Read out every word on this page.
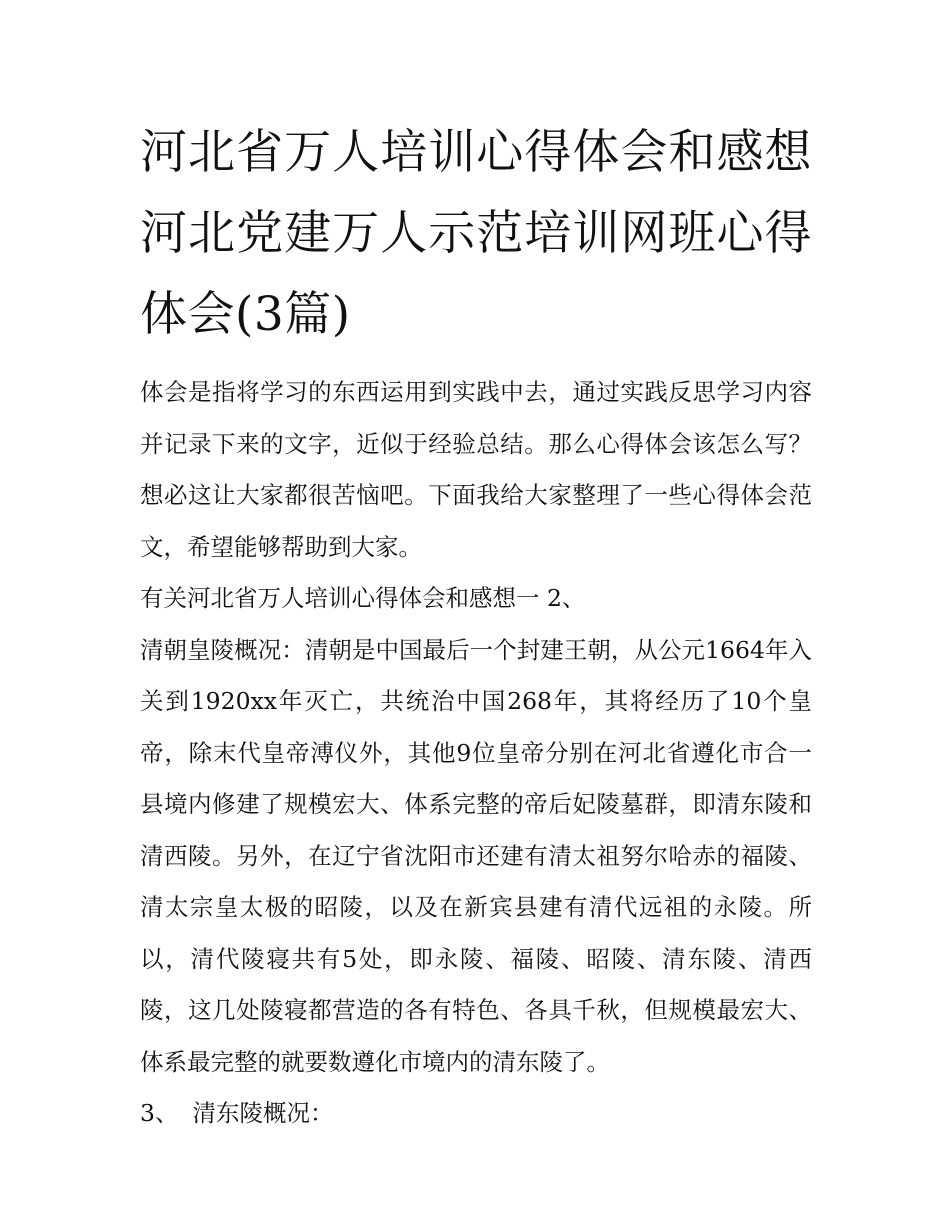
河北省万人培训心得体会和感想 河北党建万人示范培训网班心得体会(3篇)

体会是指将学习的东西运用到实践中去，通过实践反思学习内容并记录下来的文字，近似于经验总结。那么心得体会该怎么写？想必这让大家都很苦恼吧。下面我给大家整理了一些心得体会范文，希望能够帮助到大家。

有关河北省万人培训心得体会和感想一 2、

清朝皇陵概况：清朝是中国最后一个封建王朝，从公元1664年入关到1920xx年灭亡，共统治中国268年，其将经历了10个皇帝，除末代皇帝溥仪外，其他9位皇帝分别在河北省遵化市合一县境内修建了规模宏大、体系完整的帝后妃陵墓群，即清东陵和清西陵。另外，在辽宁省沈阳市还建有清太祖努尔哈赤的福陵、清太宗皇太极的昭陵，以及在新宾县建有清代远祖的永陵。所以，清代陵寝共有5处，即永陵、福陵、昭陵、清东陵、清西陵，这几处陵寝都营造的各有特色、各具千秋，但规模最宏大、体系最完整的就要数遵化市境内的清东陵了。

3、 清东陵概况：
